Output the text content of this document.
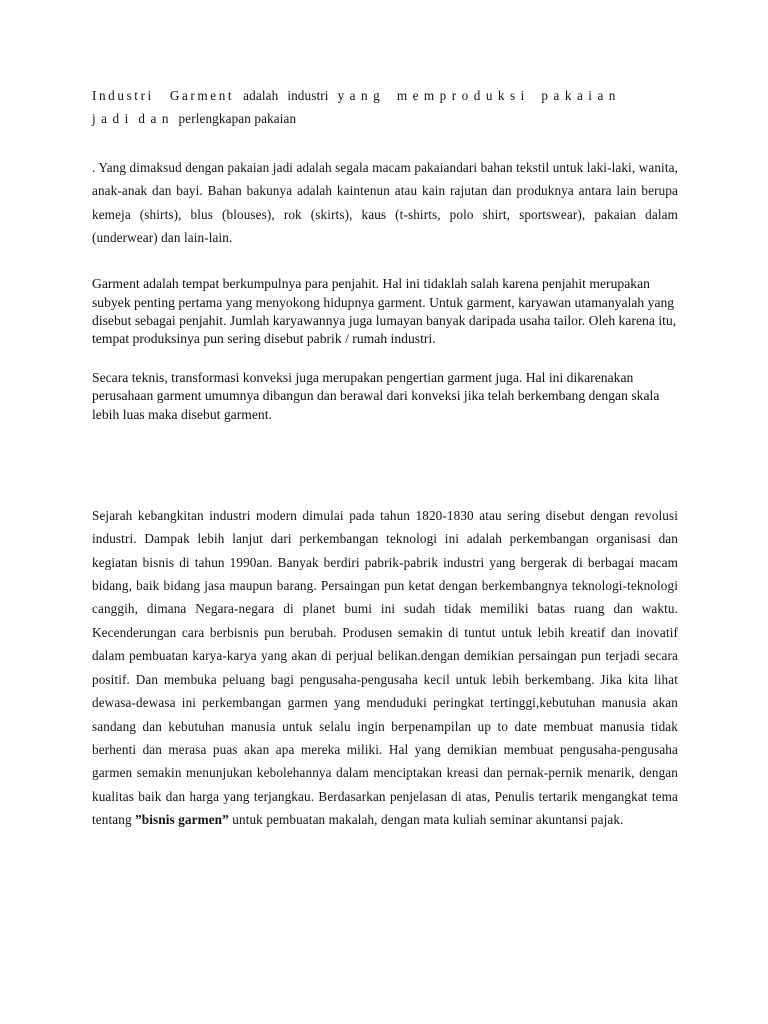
Industri Garment adalah industri y a n g m e m p r o d u k s i p a k a i a n
j a d i d a n perlengkapan pakaian

. Yang dimaksud dengan pakaian jadi adalah segala macam pakaiandari bahan tekstil untuk laki-laki, wanita, anak-anak dan bayi. Bahan bakunya adalah kaintenun atau kain rajutan dan produknya antara lain berupa kemeja (shirts), blus (blouses), rok (skirts), kaus (t-shirts, polo shirt, sportswear), pakaian dalam (underwear) dan lain-lain.

Garment adalah tempat berkumpulnya para penjahit. Hal ini tidaklah salah karena penjahit merupakan subyek penting pertama yang menyokong hidupnya garment. Untuk garment, karyawan utamanyalah yang disebut sebagai penjahit. Jumlah karyawannya juga lumayan banyak daripada usaha tailor. Oleh karena itu, tempat produksinya pun sering disebut pabrik / rumah industri.

Secara teknis, transformasi konveksi juga merupakan pengertian garment juga. Hal ini dikarenakan perusahaan garment umumnya dibangun dan berawal dari konveksi jika telah berkembang dengan skala lebih luas maka disebut garment.

Sejarah kebangkitan industri modern dimulai pada tahun 1820-1830 atau sering disebut dengan revolusi industri. Dampak lebih lanjut dari perkembangan teknologi ini adalah perkembangan organisasi dan kegiatan bisnis di tahun 1990an. Banyak berdiri pabrik-pabrik industri yang bergerak di berbagai macam bidang, baik bidang jasa maupun barang. Persaingan pun ketat dengan berkembangnya teknologi-teknologi canggih, dimana Negara-negara di planet bumi ini sudah tidak memiliki batas ruang dan waktu. Kecenderungan cara berbisnis pun berubah. Produsen semakin di tuntut untuk lebih kreatif dan inovatif dalam pembuatan karya-karya yang akan di perjual belikan.dengan demikian persaingan pun terjadi secara positif. Dan membuka peluang bagi pengusaha-pengusaha kecil untuk lebih berkembang. Jika kita lihat dewasa-dewasa ini perkembangan garmen yang menduduki peringkat tertinggi,kebutuhan manusia akan sandang dan kebutuhan manusia untuk selalu ingin berpenampilan up to date membuat manusia tidak berhenti dan merasa puas akan apa mereka miliki. Hal yang demikian membuat pengusaha-pengusaha garmen semakin menunjukan kebolehannya dalam menciptakan kreasi dan pernak-pernik menarik, dengan kualitas baik dan harga yang terjangkau. Berdasarkan penjelasan di atas, Penulis tertarik mengangkat tema tentang ”bisnis garmen” untuk pembuatan makalah, dengan mata kuliah seminar akuntansi pajak.
